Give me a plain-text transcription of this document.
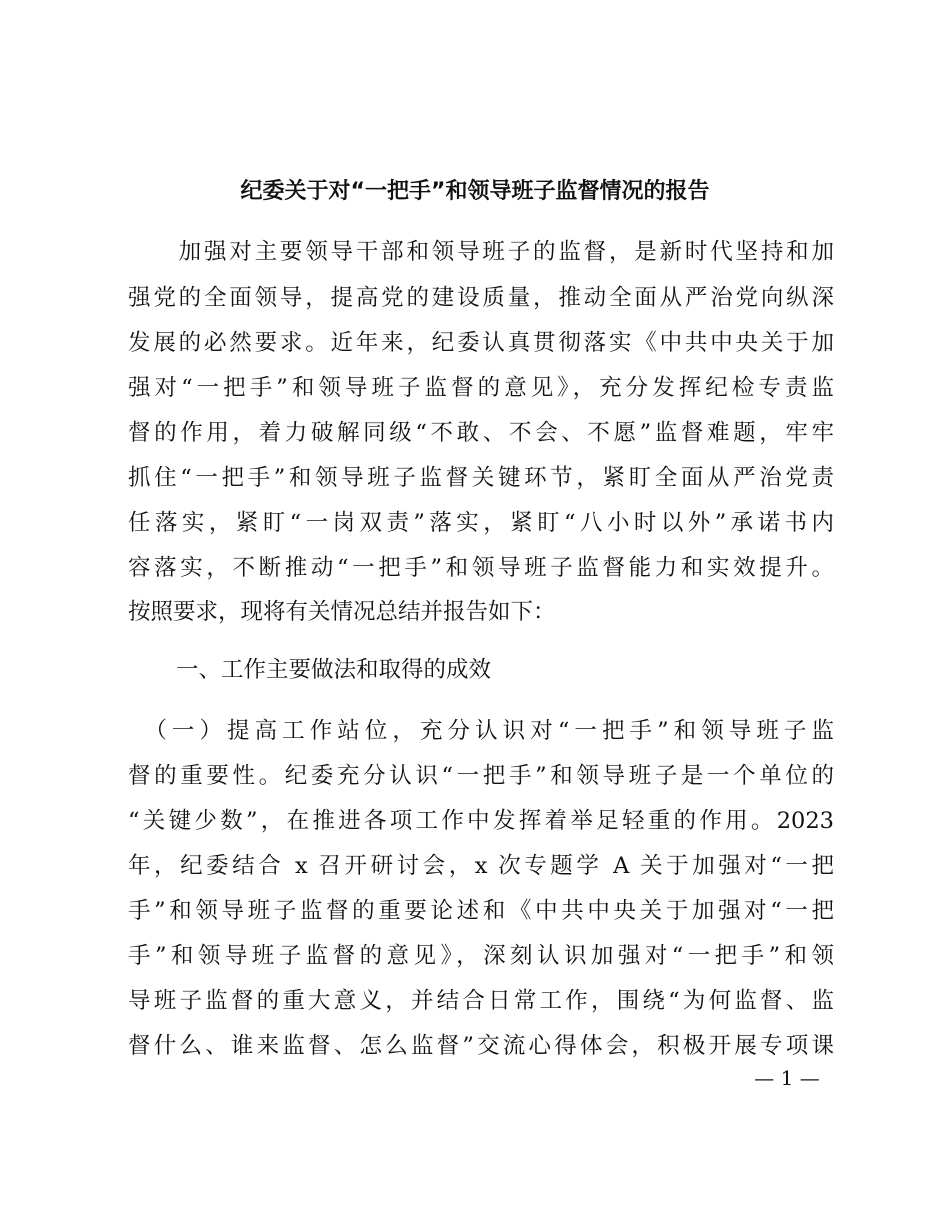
纪委关于对“一把手”和领导班子监督情况的报告
　　加强对主要领导干部和领导班子的监督，是新时代坚持和加
强党的全面领导，提高党的建设质量，推动全面从严治党向纵深
发展的必然要求。近年来，纪委认真贯彻落实《中共中央关于加
强对“一把手”和领导班子监督的意见》，充分发挥纪检专责监
督的作用，着力破解同级“不敢、不会、不愿”监督难题，牢牢
抓住“一把手”和领导班子监督关键环节，紧盯全面从严治党责
任落实，紧盯“一岗双责”落实，紧盯“八小时以外”承诺书内
容落实，不断推动“一把手”和领导班子监督能力和实效提升。
按照要求，现将有关情况总结并报告如下：
一、工作主要做法和取得的成效
　（一）提高工作站位，充分认识对“一把手”和领导班子监
督的重要性。纪委充分认识“一把手”和领导班子是一个单位的
“关键少数”，在推进各项工作中发挥着举足轻重的作用。2023
年，纪委结合 x 召开研讨会，x 次专题学 A 关于加强对“一把
手”和领导班子监督的重要论述和《中共中央关于加强对“一把
手”和领导班子监督的意见》，深刻认识加强对“一把手”和领
导班子监督的重大意义，并结合日常工作，围绕“为何监督、监
督什么、谁来监督、怎么监督”交流心得体会，积极开展专项课
— 1 —
